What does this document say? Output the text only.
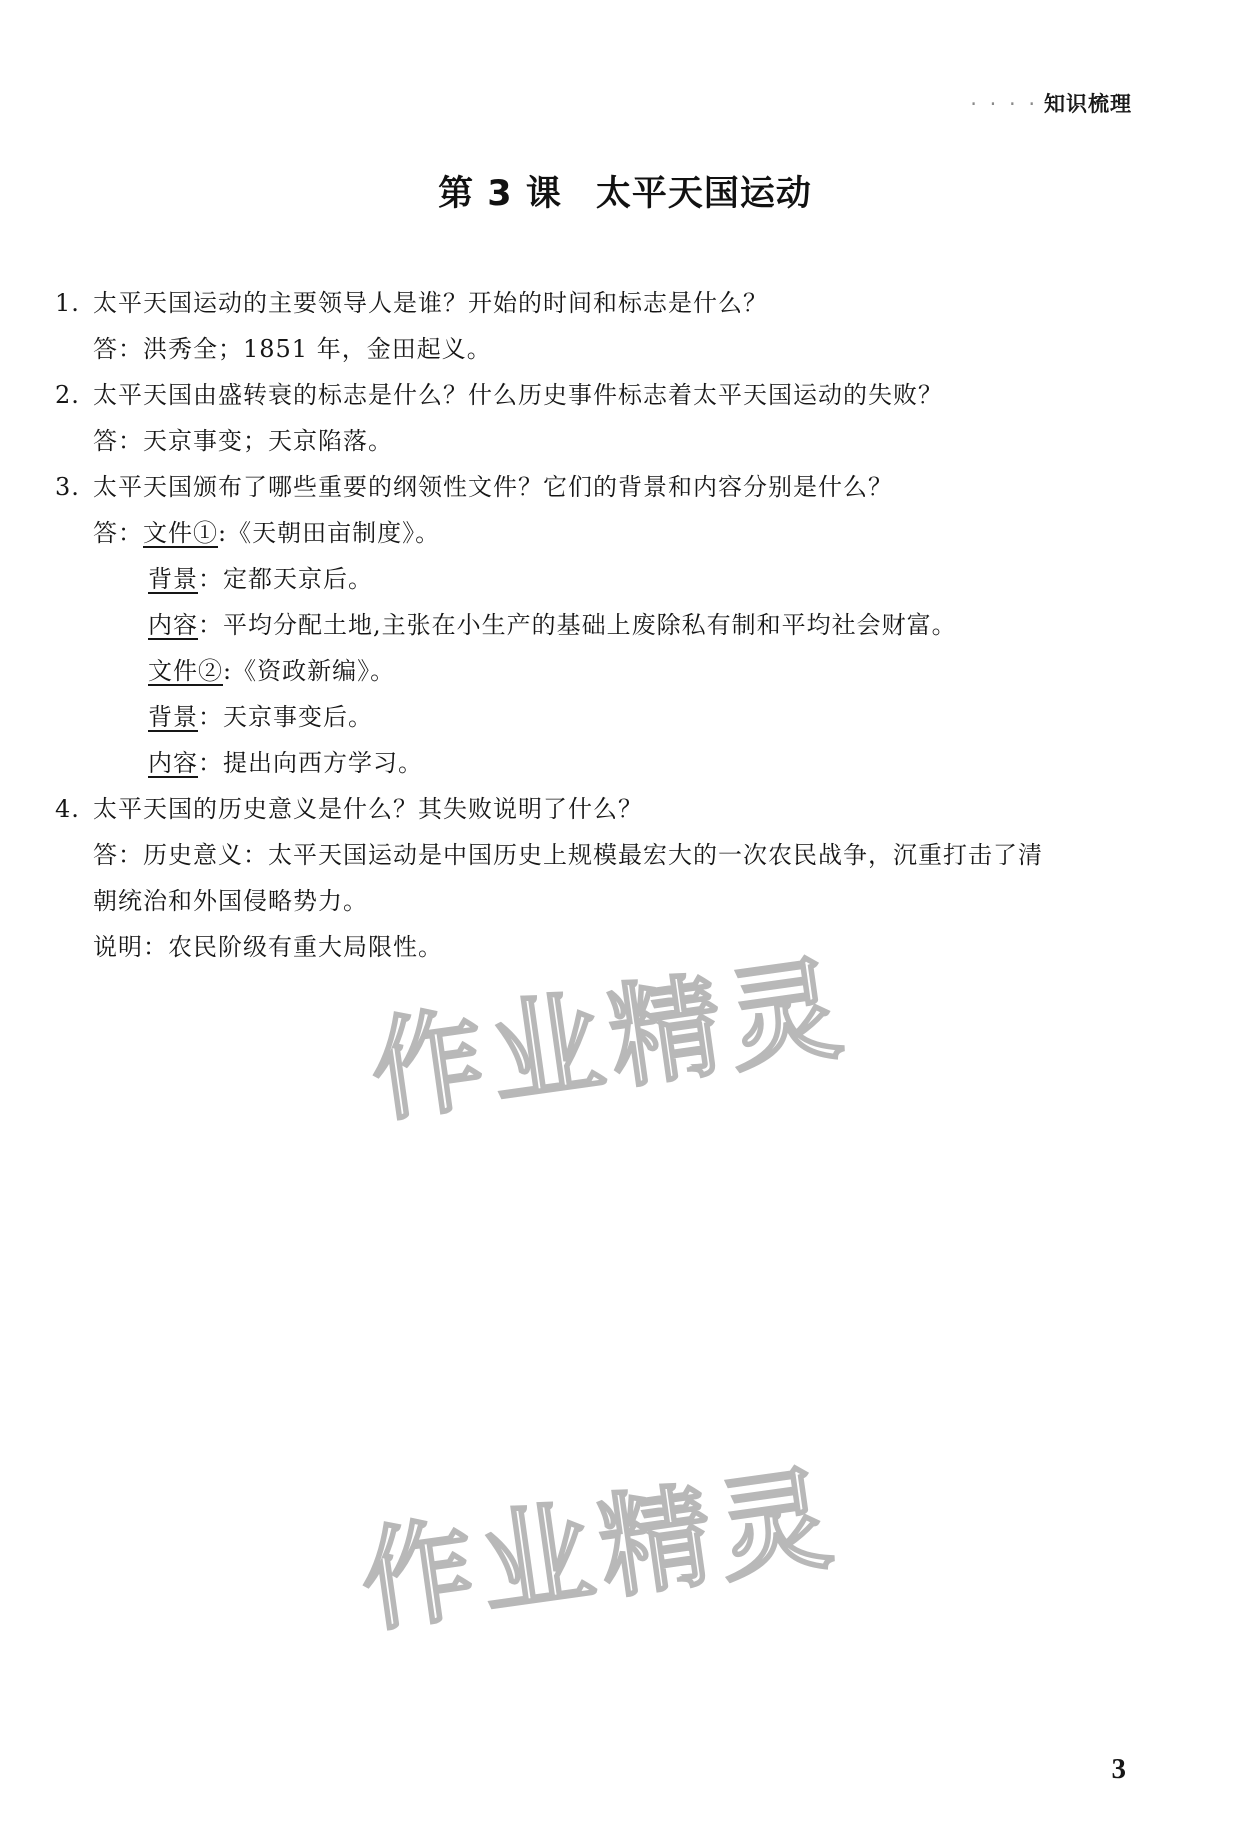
· · · · 知识梳理
第 3 课 太平天国运动
1. 太平天国运动的主要领导人是谁？开始的时间和标志是什么？
答：洪秀全；1851 年，金田起义。
2. 太平天国由盛转衰的标志是什么？什么历史事件标志着太平天国运动的失败？
答：天京事变；天京陷落。
3. 太平天国颁布了哪些重要的纲领性文件？它们的背景和内容分别是什么？
答：文件①:《天朝田亩制度》。
背景：定都天京后。
内容：平均分配土地,主张在小生产的基础上废除私有制和平均社会财富。
文件②:《资政新编》。
背景：天京事变后。
内容：提出向西方学习。
4. 太平天国的历史意义是什么？其失败说明了什么？
答：历史意义：太平天国运动是中国历史上规模最宏大的一次农民战争，沉重打击了清
朝统治和外国侵略势力。
说明：农民阶级有重大局限性。
作业精灵
作业精灵
3
